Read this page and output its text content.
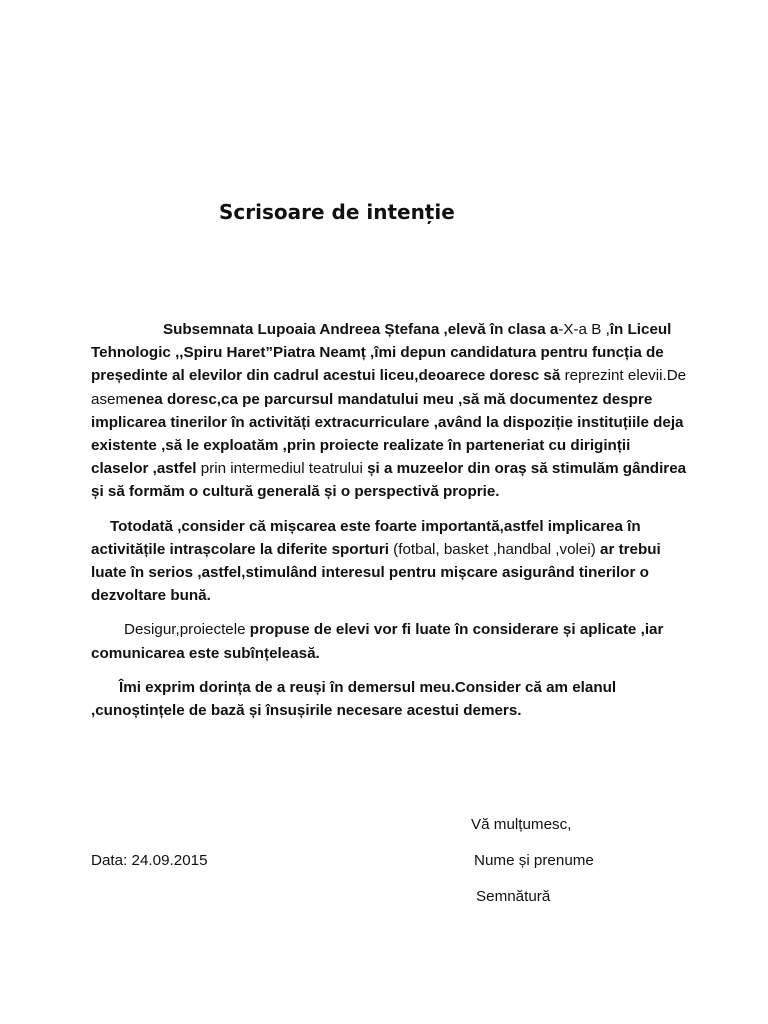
Scrisoare de intenție

Subsemnata Lupoaia Andreea Ștefana ,elevă în clasa a-X-a B ,în Liceul Tehnologic ,,Spiru Haret”Piatra Neamț ,îmi depun candidatura pentru funcția de președinte al elevilor din cadrul acestui liceu,deoarece doresc să reprezint elevii.De asemenea doresc,ca pe parcursul mandatului meu ,să mă documentez despre implicarea tinerilor în activități extracurriculare ,având la dispoziție instituțiile deja existente ,să le exploatăm ,prin proiecte realizate în parteneriat cu diriginții claselor ,astfel prin intermediul teatrului și a muzeelor din oraș să stimulăm gândirea și să formăm o cultură generală și o perspectivă proprie.

Totodată ,consider că mișcarea este foarte importantă,astfel implicarea în activitățile intrașcolare la diferite sporturi (fotbal, basket ,handbal ,volei) ar trebui luate în serios ,astfel,stimulând interesul pentru mișcare asigurând tinerilor o dezvoltare bună.

Desigur,proiectele propuse de elevi vor fi luate în considerare și aplicate ,iar comunicarea este subînțeleasă.

Îmi exprim dorința de a reuși în demersul meu.Consider că am elanul ,cunoștințele de bază și însușirile necesare acestui demers.

Vă mulțumesc,
Data: 24.09.2015	Nume și prenume
Semnătură
